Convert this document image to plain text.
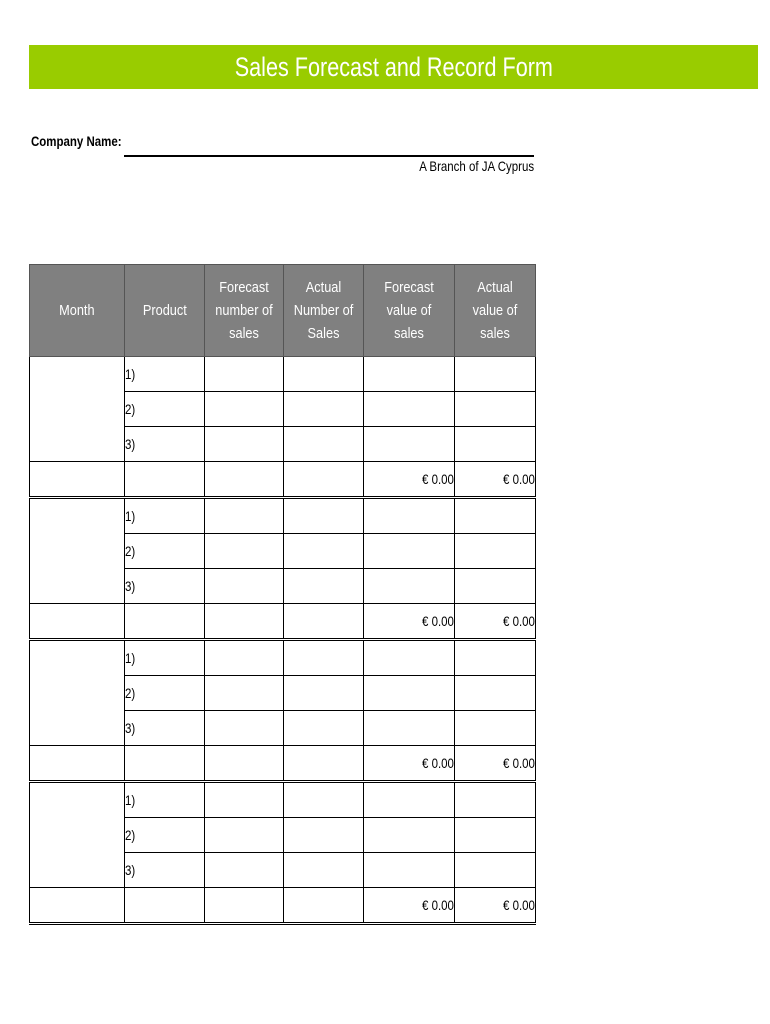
Sales Forecast and Record Form
Company Name:
A Branch of JA Cyprus
Month	Product	Forecast number of sales	Actual Number of Sales	Forecast value of sales	Actual value of sales
	1)				
	2)				
	3)				
				€ 0.00	€ 0.00
	1)				
	2)				
	3)				
				€ 0.00	€ 0.00
	1)				
	2)				
	3)				
				€ 0.00	€ 0.00
	1)				
	2)				
	3)				
				€ 0.00	€ 0.00
